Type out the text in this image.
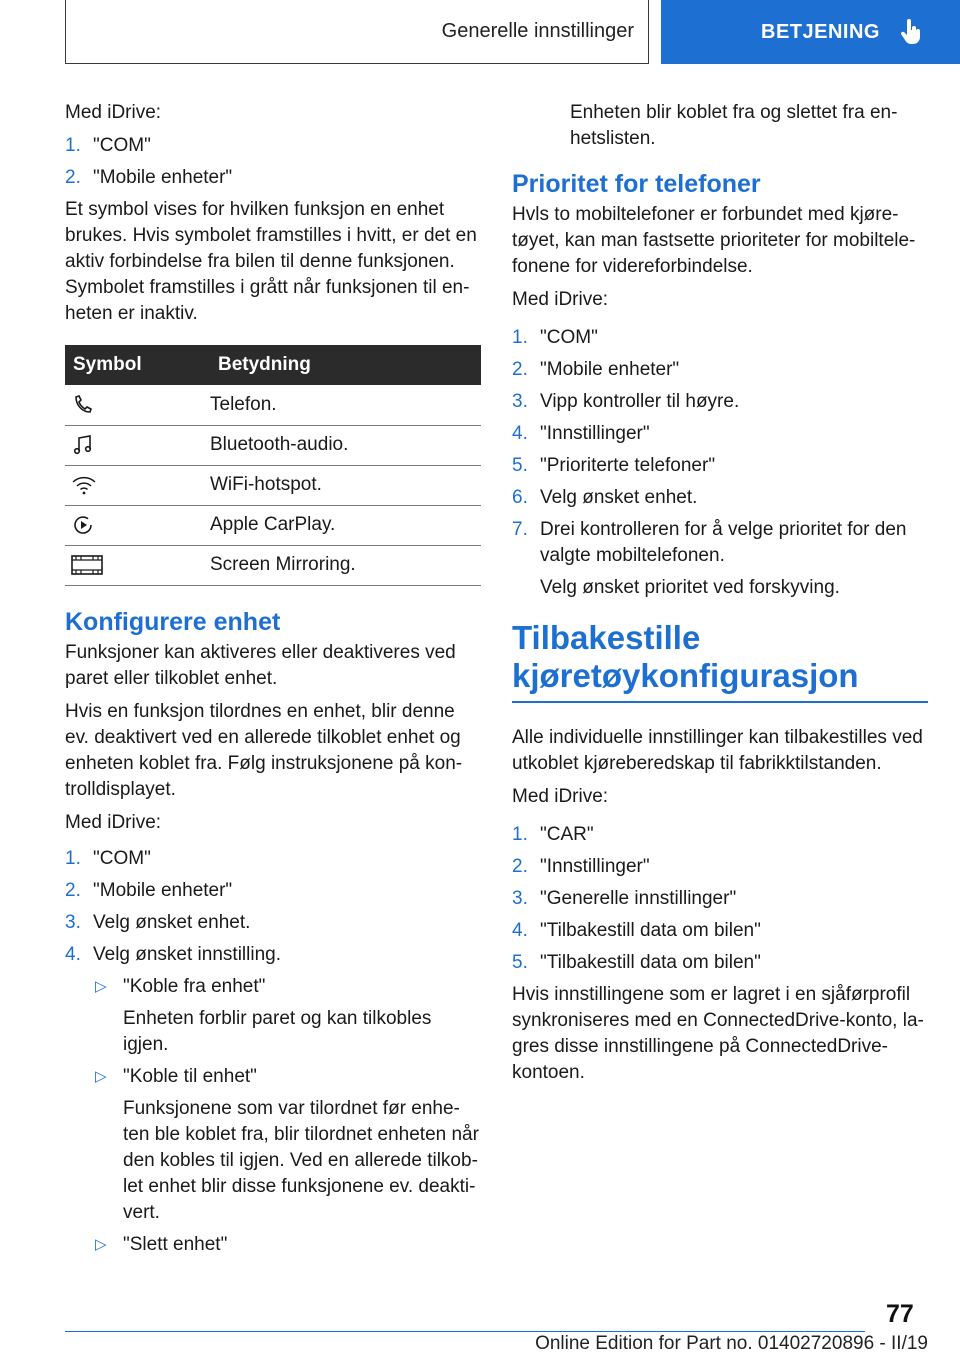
Generelle innstillinger	BETJENING

Med iDrive:

1. "COM"
2. "Mobile enheter"

Et symbol vises for hvilken funksjon en enhet brukes. Hvis symbolet framstilles i hvitt, er det en aktiv forbindelse fra bilen til denne funksjonen. Symbolet framstilles i grått når funksjonen til en- heten er inaktiv.

Symbol	Betydning

	Telefon.

	Bluetooth-audio.

	WiFi-hotspot.

	Apple CarPlay.

	Screen Mirroring.
Konfigurere enhet

Funksjoner kan aktiveres eller deaktiveres ved paret eller tilkoblet enhet.

Hvis en funksjon tilordnes en enhet, blir denne ev. deaktivert ved en allerede tilkoblet enhet og enheten koblet fra. Følg instruksjonene på kon- trolldisplayet.

Med iDrive:

1. "COM"
2. "Mobile enheter"
3. Velg ønsket enhet.
4. Velg ønsket innstilling.
▷ "Koble fra enhet"
Enheten forblir paret og kan tilkobles igjen.
▷ "Koble til enhet"
Funksjonene som var tilordnet før enhe- ten ble koblet fra, blir tilordnet enheten når den kobles til igjen. Ved en allerede tilkob- let enhet blir disse funksjonene ev. deakti- vert.
▷ "Slett enhet"

Enheten blir koblet fra og slettet fra en- hetslisten.

Prioritet for telefoner

Hvls to mobiltelefoner er forbundet med kjøre- tøyet, kan man fastsette prioriteter for mobiltele- fonene for videreforbindelse.

Med iDrive:

1. "COM"
2. "Mobile enheter"
3. Vipp kontroller til høyre.
4. "Innstillinger"
5. "Prioriterte telefoner"
6. Velg ønsket enhet.
7. Drei kontrolleren for å velge prioritet for den valgte mobiltelefonen.
Velg ønsket prioritet ved forskyving.
Tilbakestille
kjøretøykonfigurasjon

Alle individuelle innstillinger kan tilbakestilles ved utkoblet kjøreberedskap til fabrikktilstanden.

Med iDrive:

1. "CAR"
2. "Innstillinger"
3. "Generelle innstillinger"
4. "Tilbakestill data om bilen"
5. "Tilbakestill data om bilen"

Hvis innstillingene som er lagret i en sjåførprofil synkroniseres med en ConnectedDrive-konto, la- gres disse innstillingene på ConnectedDrive- kontoen.

77
Online Edition for Part no. 01402720896 - II/19
